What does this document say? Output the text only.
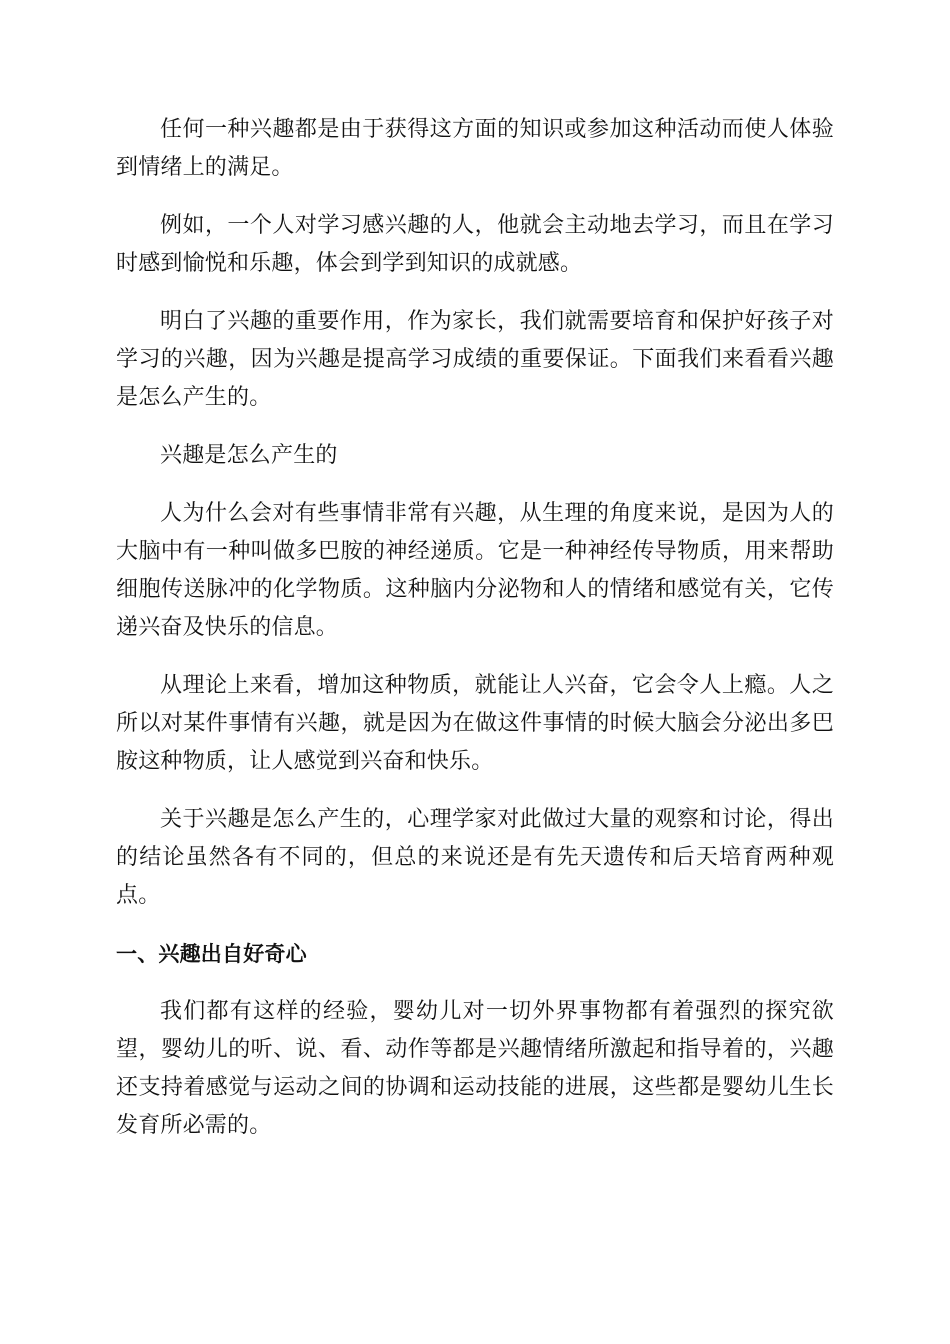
任何一种兴趣都是由于获得这方面的知识或参加这种活动而使人体验到情绪上的满足。

例如，一个人对学习感兴趣的人，他就会主动地去学习，而且在学习时感到愉悦和乐趣，体会到学到知识的成就感。

明白了兴趣的重要作用，作为家长，我们就需要培育和保护好孩子对学习的兴趣，因为兴趣是提高学习成绩的重要保证。下面我们来看看兴趣是怎么产生的。

兴趣是怎么产生的

人为什么会对有些事情非常有兴趣，从生理的角度来说，是因为人的大脑中有一种叫做多巴胺的神经递质。它是一种神经传导物质，用来帮助细胞传送脉冲的化学物质。这种脑内分泌物和人的情绪和感觉有关，它传递兴奋及快乐的信息。

从理论上来看，增加这种物质，就能让人兴奋，它会令人上瘾。人之所以对某件事情有兴趣，就是因为在做这件事情的时候大脑会分泌出多巴胺这种物质，让人感觉到兴奋和快乐。

关于兴趣是怎么产生的，心理学家对此做过大量的观察和讨论，得出的结论虽然各有不同的，但总的来说还是有先天遗传和后天培育两种观点。

一、兴趣出自好奇心

我们都有这样的经验，婴幼儿对一切外界事物都有着强烈的探究欲望，婴幼儿的听、说、看、动作等都是兴趣情绪所激起和指导着的，兴趣还支持着感觉与运动之间的协调和运动技能的进展，这些都是婴幼儿生长发育所必需的。
